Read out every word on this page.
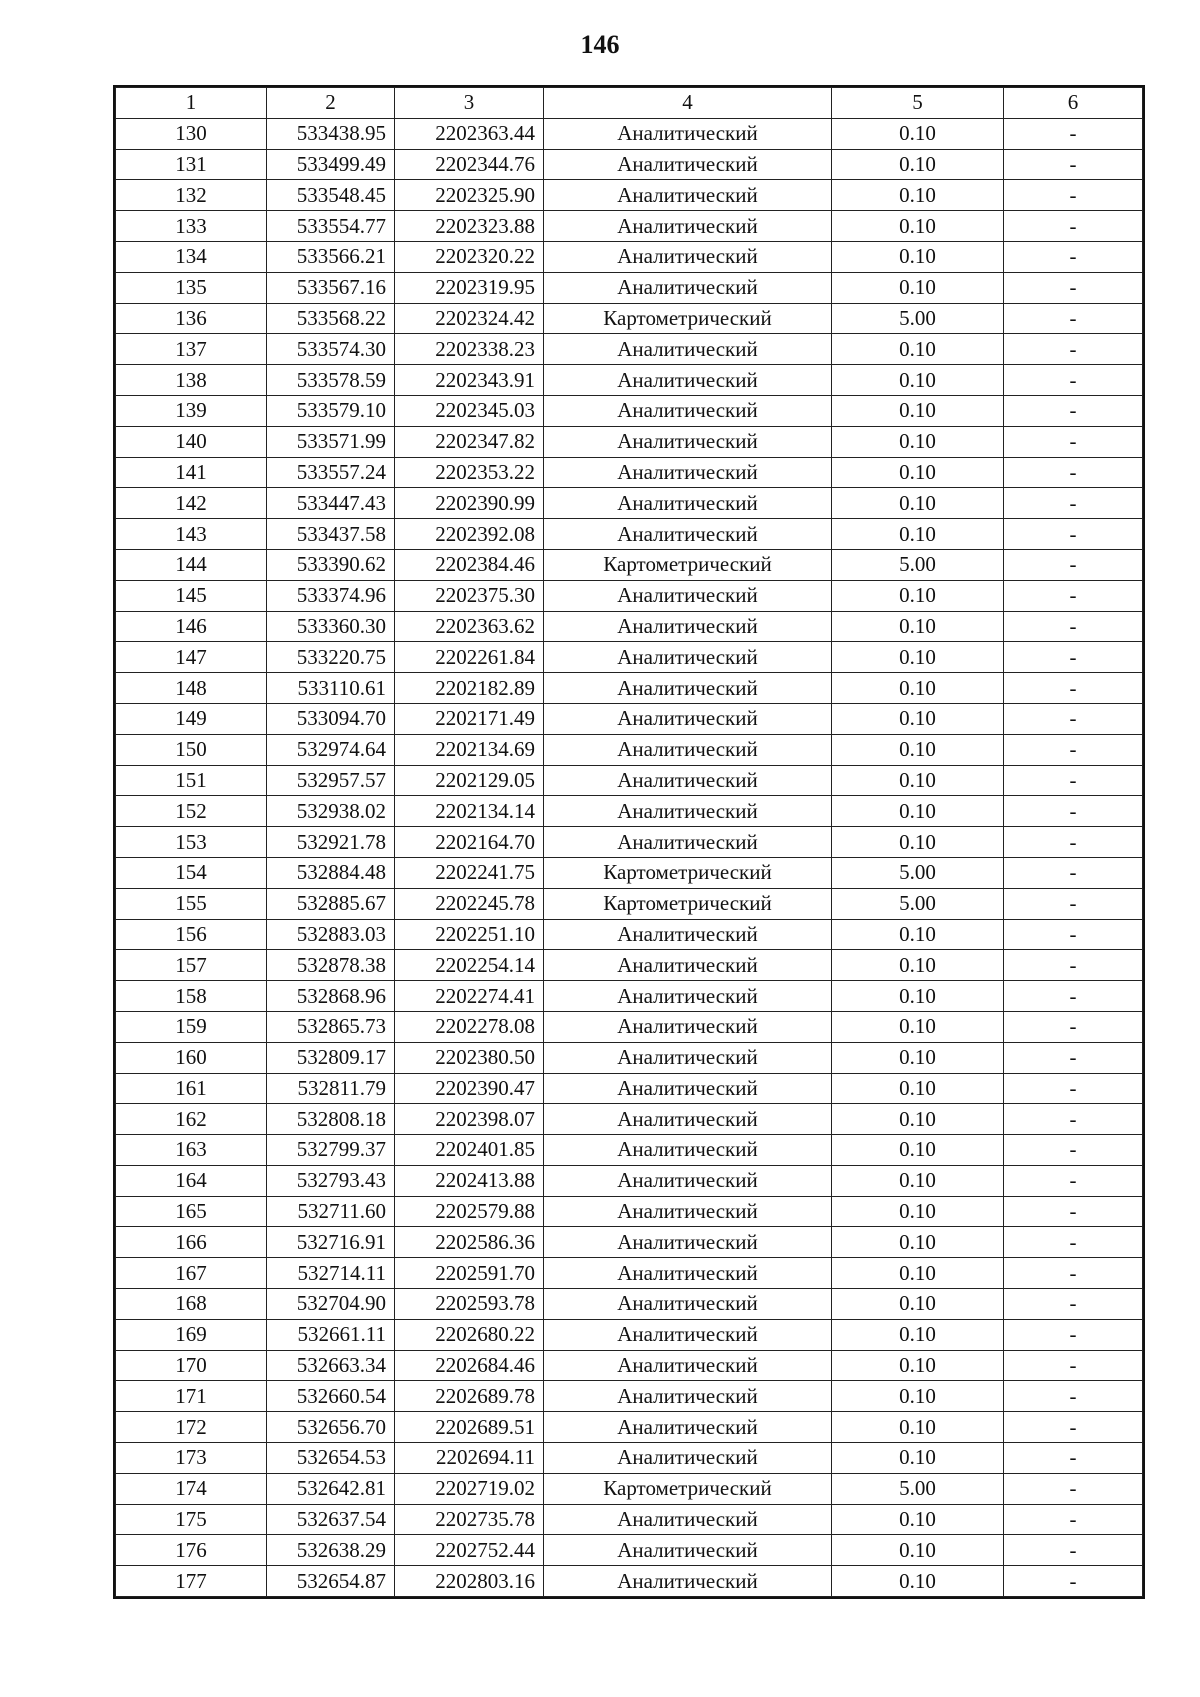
146
1	2	3	4	5	6
130	533438.95	2202363.44	Аналитический	0.10	-
131	533499.49	2202344.76	Аналитический	0.10	-
132	533548.45	2202325.90	Аналитический	0.10	-
133	533554.77	2202323.88	Аналитический	0.10	-
134	533566.21	2202320.22	Аналитический	0.10	-
135	533567.16	2202319.95	Аналитический	0.10	-
136	533568.22	2202324.42	Картометрический	5.00	-
137	533574.30	2202338.23	Аналитический	0.10	-
138	533578.59	2202343.91	Аналитический	0.10	-
139	533579.10	2202345.03	Аналитический	0.10	-
140	533571.99	2202347.82	Аналитический	0.10	-
141	533557.24	2202353.22	Аналитический	0.10	-
142	533447.43	2202390.99	Аналитический	0.10	-
143	533437.58	2202392.08	Аналитический	0.10	-
144	533390.62	2202384.46	Картометрический	5.00	-
145	533374.96	2202375.30	Аналитический	0.10	-
146	533360.30	2202363.62	Аналитический	0.10	-
147	533220.75	2202261.84	Аналитический	0.10	-
148	533110.61	2202182.89	Аналитический	0.10	-
149	533094.70	2202171.49	Аналитический	0.10	-
150	532974.64	2202134.69	Аналитический	0.10	-
151	532957.57	2202129.05	Аналитический	0.10	-
152	532938.02	2202134.14	Аналитический	0.10	-
153	532921.78	2202164.70	Аналитический	0.10	-
154	532884.48	2202241.75	Картометрический	5.00	-
155	532885.67	2202245.78	Картометрический	5.00	-
156	532883.03	2202251.10	Аналитический	0.10	-
157	532878.38	2202254.14	Аналитический	0.10	-
158	532868.96	2202274.41	Аналитический	0.10	-
159	532865.73	2202278.08	Аналитический	0.10	-
160	532809.17	2202380.50	Аналитический	0.10	-
161	532811.79	2202390.47	Аналитический	0.10	-
162	532808.18	2202398.07	Аналитический	0.10	-
163	532799.37	2202401.85	Аналитический	0.10	-
164	532793.43	2202413.88	Аналитический	0.10	-
165	532711.60	2202579.88	Аналитический	0.10	-
166	532716.91	2202586.36	Аналитический	0.10	-
167	532714.11	2202591.70	Аналитический	0.10	-
168	532704.90	2202593.78	Аналитический	0.10	-
169	532661.11	2202680.22	Аналитический	0.10	-
170	532663.34	2202684.46	Аналитический	0.10	-
171	532660.54	2202689.78	Аналитический	0.10	-
172	532656.70	2202689.51	Аналитический	0.10	-
173	532654.53	2202694.11	Аналитический	0.10	-
174	532642.81	2202719.02	Картометрический	5.00	-
175	532637.54	2202735.78	Аналитический	0.10	-
176	532638.29	2202752.44	Аналитический	0.10	-
177	532654.87	2202803.16	Аналитический	0.10	-
